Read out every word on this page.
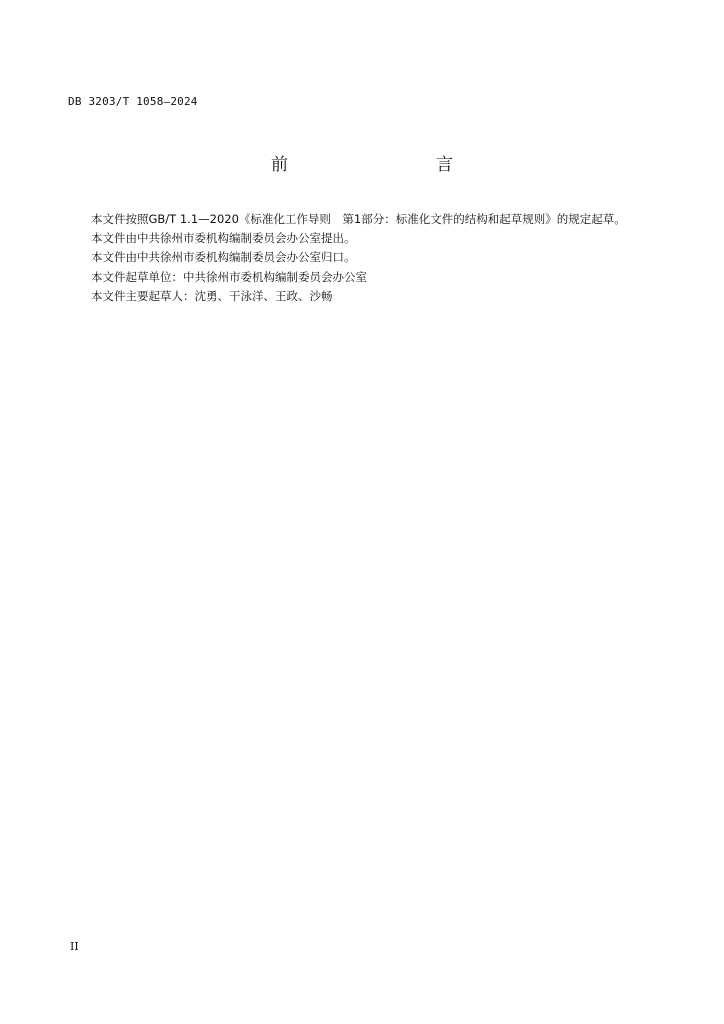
DB 3203/T 1058—2024
前　　言

本文件按照GB/T 1.1—2020《标准化工作导则　第1部分：标准化文件的结构和起草规则》的规定起草。

本文件由中共徐州市委机构编制委员会办公室提出。

本文件由中共徐州市委机构编制委员会办公室归口。

本文件起草单位：中共徐州市委机构编制委员会办公室

本文件主要起草人：沈勇、干泳洋、王政、沙畅

II
